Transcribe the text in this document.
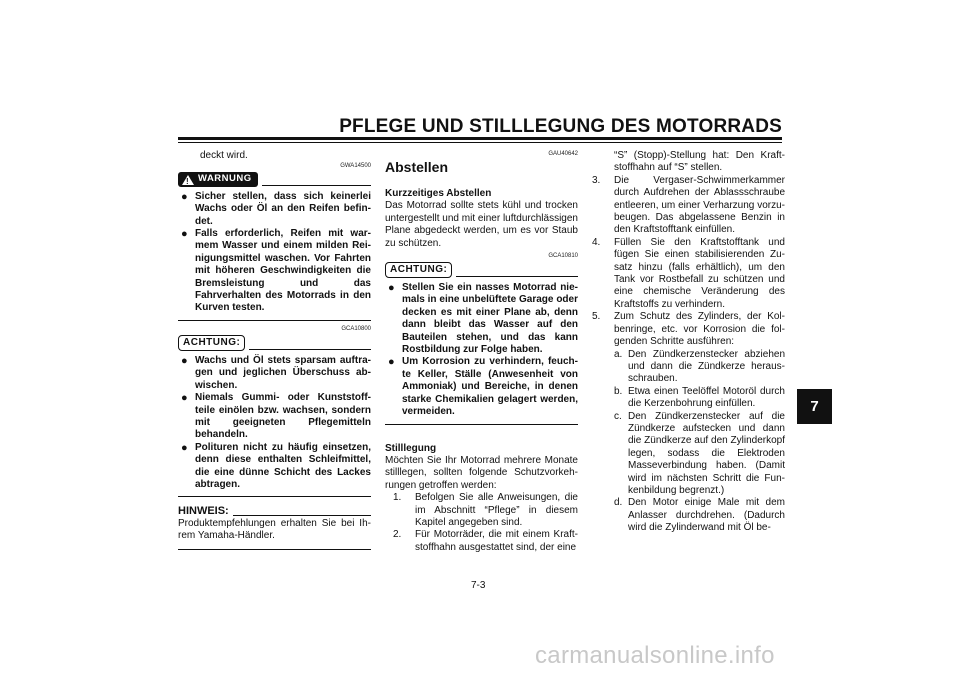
PFLEGE UND STILLLEGUNG DES MOTORRADS
deckt wird.
GWA14500
! WARNUNG
● Sicher stellen, dass sich keinerlei Wachs oder Öl an den Reifen befindet.
● Falls erforderlich, Reifen mit warmem Wasser und einem milden Reinigungsmittel waschen. Vor Fahrten mit höheren Geschwindigkeiten die Bremsleistung und das Fahrverhalten des Motorrads in den Kurven testen.
GCA10800
ACHTUNG:
● Wachs und Öl stets sparsam auftragen und jeglichen Überschuss abwischen.
● Niemals Gummi- oder Kunststoffteile einölen bzw. wachsen, sondern mit geeigneten Pflegemitteln behandeln.
● Polituren nicht zu häufig einsetzen, denn diese enthalten Schleifmittel, die eine dünne Schicht des Lackes abtragen.
HINWEIS:
Produktempfehlungen erhalten Sie bei Ihrem Yamaha-Händler.
GAU40642
Abstellen
Kurzzeitiges Abstellen
Das Motorrad sollte stets kühl und trocken untergestellt und mit einer luftdurchlässigen Plane abgedeckt werden, um es vor Staub zu schützen.
GCA10810
ACHTUNG:
● Stellen Sie ein nasses Motorrad niemals in eine unbelüftete Garage oder decken es mit einer Plane ab, denn dann bleibt das Wasser auf den Bauteilen stehen, und das kann Rostbildung zur Folge haben.
● Um Korrosion zu verhindern, feuchte Keller, Ställe (Anwesenheit von Ammoniak) und Bereiche, in denen starke Chemikalien gelagert werden, vermeiden.
Stilllegung
Möchten Sie Ihr Motorrad mehrere Monate stilllegen, sollten folgende Schutzvorkehrungen getroffen werden:
1.	Befolgen Sie alle Anweisungen, die im Abschnitt “Pflege” in diesem Kapitel angegeben sind.
2.	Für Motorräder, die mit einem Kraftstoffhahn ausgestattet sind, der eine
“S” (Stopp)-Stellung hat: Den Kraftstoffhahn auf “S” stellen.
3.	Die Vergaser-Schwimmerkammer durch Aufdrehen der Ablassschraube entleeren, um einer Verharzung vorzubeugen. Das abgelassene Benzin in den Kraftstofftank einfüllen.
4.	Füllen Sie den Kraftstofftank und fügen Sie einen stabilisierenden Zusatz hinzu (falls erhältlich), um den Tank vor Rostbefall zu schützen und eine chemische Veränderung des Kraftstoffs zu verhindern.
5.	Zum Schutz des Zylinders, der Kolbenringe, etc. vor Korrosion die folgenden Schritte ausführen:
a. Den Zündkerzenstecker abziehen und dann die Zündkerze herausschrauben.
b. Etwa einen Teelöffel Motoröl durch die Kerzenbohrung einfüllen.
c. Den Zündkerzenstecker auf die Zündkerze aufstecken und dann die Zündkerze auf den Zylinderkopf legen, sodass die Elektroden Masseverbindung haben. (Damit wird im nächsten Schritt die Funkenbildung begrenzt.)
d. Den Motor einige Male mit dem Anlasser durchdrehen. (Dadurch wird die Zylinderwand mit Öl be-
7-3
7
carmanualsonline.info
